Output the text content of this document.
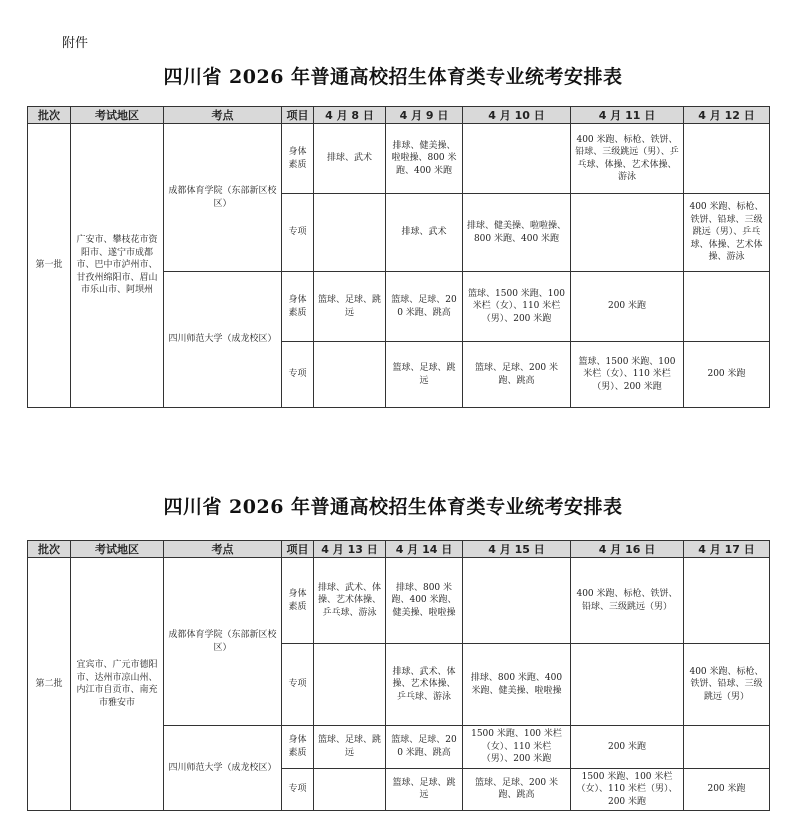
附件
四川省 2026 年普通高校招生体育类专业统考安排表
批次	考试地区	考点	项目	4 月 8 日	4 月 9 日	4 月 10 日	4 月 11 日	4 月 12 日
第一批	广安市、攀枝花市资阳市、遂宁市成都市、巴中市泸州市、甘孜州绵阳市、眉山市乐山市、阿坝州	成都体育学院（东部新区校区）	身体素质	排球、武术	排球、健美操、啦啦操、800 米跑、400 米跑		400 米跑、标枪、铁饼、铅球、三级跳远（男）、乒乓球、体操、艺术体操、游泳	
			专项		排球、武术	排球、健美操、啦啦操、800 米跑、400 米跑		400 米跑、标枪、铁饼、铅球、三级跳远（男）、乒乓球、体操、艺术体操、游泳
		四川师范大学（成龙校区）	身体素质	篮球、足球、跳远	篮球、足球、200 米跑、跳高	篮球、1500 米跑、100 米栏（女）、110 米栏（男）、200 米跑	200 米跑	
			专项		篮球、足球、跳远	篮球、足球、200 米跑、跳高	篮球、1500 米跑、100 米栏（女）、110 米栏（男）、200 米跑	200 米跑
四川省 2026 年普通高校招生体育类专业统考安排表
批次	考试地区	考点	项目	4 月 13 日	4 月 14 日	4 月 15 日	4 月 16 日	4 月 17 日
第二批	宜宾市、广元市德阳市、达州市凉山州、内江市自贡市、南充市雅安市	成都体育学院（东部新区校区）	身体素质	排球、武术、体操、艺术体操、乒乓球、游泳	排球、800 米跑、400 米跑、健美操、啦啦操		400 米跑、标枪、铁饼、铅球、三级跳远（男）	
			专项		排球、武术、体操、艺术体操、乒乓球、游泳	排球、800 米跑、400 米跑、健美操、啦啦操		400 米跑、标枪、铁饼、铅球、三级跳远（男）
		四川师范大学（成龙校区）	身体素质	篮球、足球、跳远	篮球、足球、200 米跑、跳高	1500 米跑、100 米栏（女）、110 米栏（男）、200 米跑	200 米跑	
			专项		篮球、足球、跳远	篮球、足球、200 米跑、跳高	1500 米跑、100 米栏（女）、110 米栏（男）、200 米跑	200 米跑
